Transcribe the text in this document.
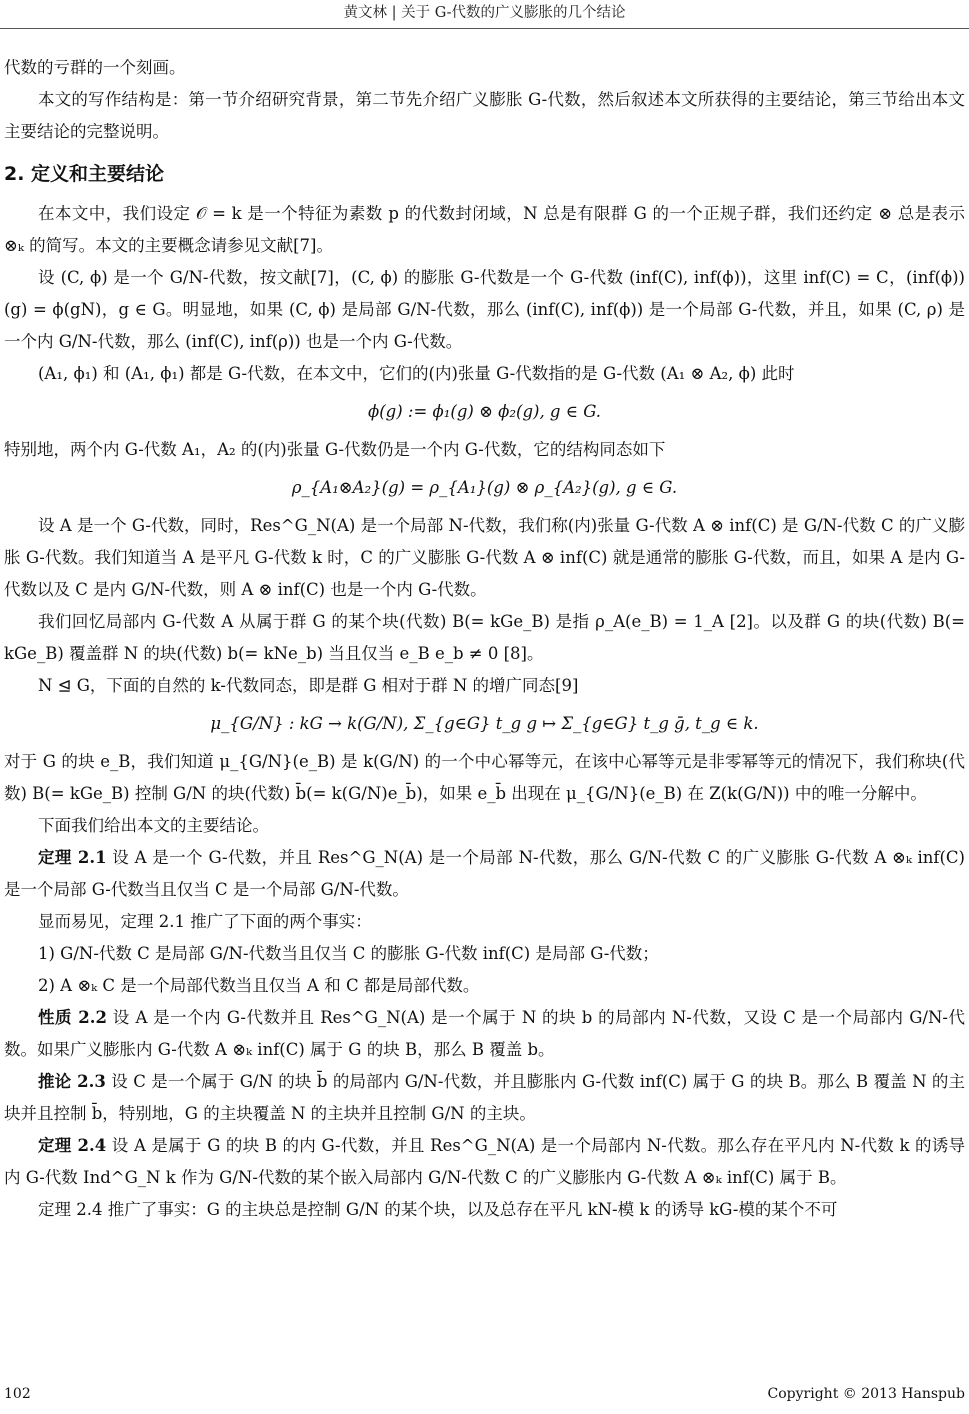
黄文林 | 关于 G-代数的广义膨胀的几个结论

代数的亏群的一个刻画。

本文的写作结构是：第一节介绍研究背景，第二节先介绍广义膨胀 G-代数，然后叙述本文所获得的主要结论，第三节给出本文主要结论的完整说明。

2. 定义和主要结论

在本文中，我们设定 𝒪 = k 是一个特征为素数 p 的代数封闭域，N 总是有限群 G 的一个正规子群，我们还约定 ⊗ 总是表示 ⊗ₖ 的简写。本文的主要概念请参见文献[7]。

设 (C, ϕ) 是一个 G/N-代数，按文献[7]，(C, ϕ) 的膨胀 G-代数是一个 G-代数 (inf(C), inf(ϕ))，这里 inf(C) = C，(inf(ϕ))(g) = ϕ(gN)，g ∈ G。明显地，如果 (C, ϕ) 是局部 G/N-代数，那么 (inf(C), inf(ϕ)) 是一个局部 G-代数，并且，如果 (C, ρ) 是一个内 G/N-代数，那么 (inf(C), inf(ρ)) 也是一个内 G-代数。

(A₁, ϕ₁) 和 (A₁, ϕ₁) 都是 G-代数，在本文中，它们的(内)张量 G-代数指的是 G-代数 (A₁ ⊗ A₂, ϕ) 此时

ϕ(g) := ϕ₁(g) ⊗ ϕ₂(g), g ∈ G.

特别地，两个内 G-代数 A₁，A₂ 的(内)张量 G-代数仍是一个内 G-代数，它的结构同态如下

ρ_{A₁⊗A₂}(g) = ρ_{A₁}(g) ⊗ ρ_{A₂}(g), g ∈ G.

设 A 是一个 G-代数，同时，Res^G_N(A) 是一个局部 N-代数，我们称(内)张量 G-代数 A ⊗ inf(C) 是 G/N-代数 C 的广义膨胀 G-代数。我们知道当 A 是平凡 G-代数 k 时，C 的广义膨胀 G-代数 A ⊗ inf(C) 就是通常的膨胀 G-代数，而且，如果 A 是内 G-代数以及 C 是内 G/N-代数，则 A ⊗ inf(C) 也是一个内 G-代数。

我们回忆局部内 G-代数 A 从属于群 G 的某个块(代数) B(= kGe_B) 是指 ρ_A(e_B) = 1_A [2]。以及群 G 的块(代数) B(= kGe_B) 覆盖群 N 的块(代数) b(= kNe_b) 当且仅当 e_B e_b ≠ 0 [8]。

N ⊴ G，下面的自然的 k-代数同态，即是群 G 相对于群 N 的增广同态[9]

μ_{G/N} : kG → k(G/N), Σ_{g∈G} t_g g ↦ Σ_{g∈G} t_g ḡ, t_g ∈ k.

对于 G 的块 e_B，我们知道 μ_{G/N}(e_B) 是 k(G/N) 的一个中心幂等元，在该中心幂等元是非零幂等元的情况下，我们称块(代数) B(= kGe_B) 控制 G/N 的块(代数) b̄(= k(G/N)e_b̄)，如果 e_b̄ 出现在 μ_{G/N}(e_B) 在 Z(k(G/N)) 中的唯一分解中。

下面我们给出本文的主要结论。

定理 2.1 设 A 是一个 G-代数，并且 Res^G_N(A) 是一个局部 N-代数，那么 G/N-代数 C 的广义膨胀 G-代数 A ⊗ₖ inf(C) 是一个局部 G-代数当且仅当 C 是一个局部 G/N-代数。

显而易见，定理 2.1 推广了下面的两个事实：

1) G/N-代数 C 是局部 G/N-代数当且仅当 C 的膨胀 G-代数 inf(C) 是局部 G-代数；

2) A ⊗ₖ C 是一个局部代数当且仅当 A 和 C 都是局部代数。

性质 2.2 设 A 是一个内 G-代数并且 Res^G_N(A) 是一个属于 N 的块 b 的局部内 N-代数，又设 C 是一个局部内 G/N-代数。如果广义膨胀内 G-代数 A ⊗ₖ inf(C) 属于 G 的块 B，那么 B 覆盖 b。

推论 2.3 设 C 是一个属于 G/N 的块 b̄ 的局部内 G/N-代数，并且膨胀内 G-代数 inf(C) 属于 G 的块 B。那么 B 覆盖 N 的主块并且控制 b̄，特别地，G 的主块覆盖 N 的主块并且控制 G/N 的主块。

定理 2.4 设 A 是属于 G 的块 B 的内 G-代数，并且 Res^G_N(A) 是一个局部内 N-代数。那么存在平凡内 N-代数 k 的诱导内 G-代数 Ind^G_N k 作为 G/N-代数的某个嵌入局部内 G/N-代数 C 的广义膨胀内 G-代数 A ⊗ₖ inf(C) 属于 B。

定理 2.4 推广了事实：G 的主块总是控制 G/N 的某个块，以及总存在平凡 kN-模 k 的诱导 kG-模的某个不可

102	Copyright © 2013 Hanspub
